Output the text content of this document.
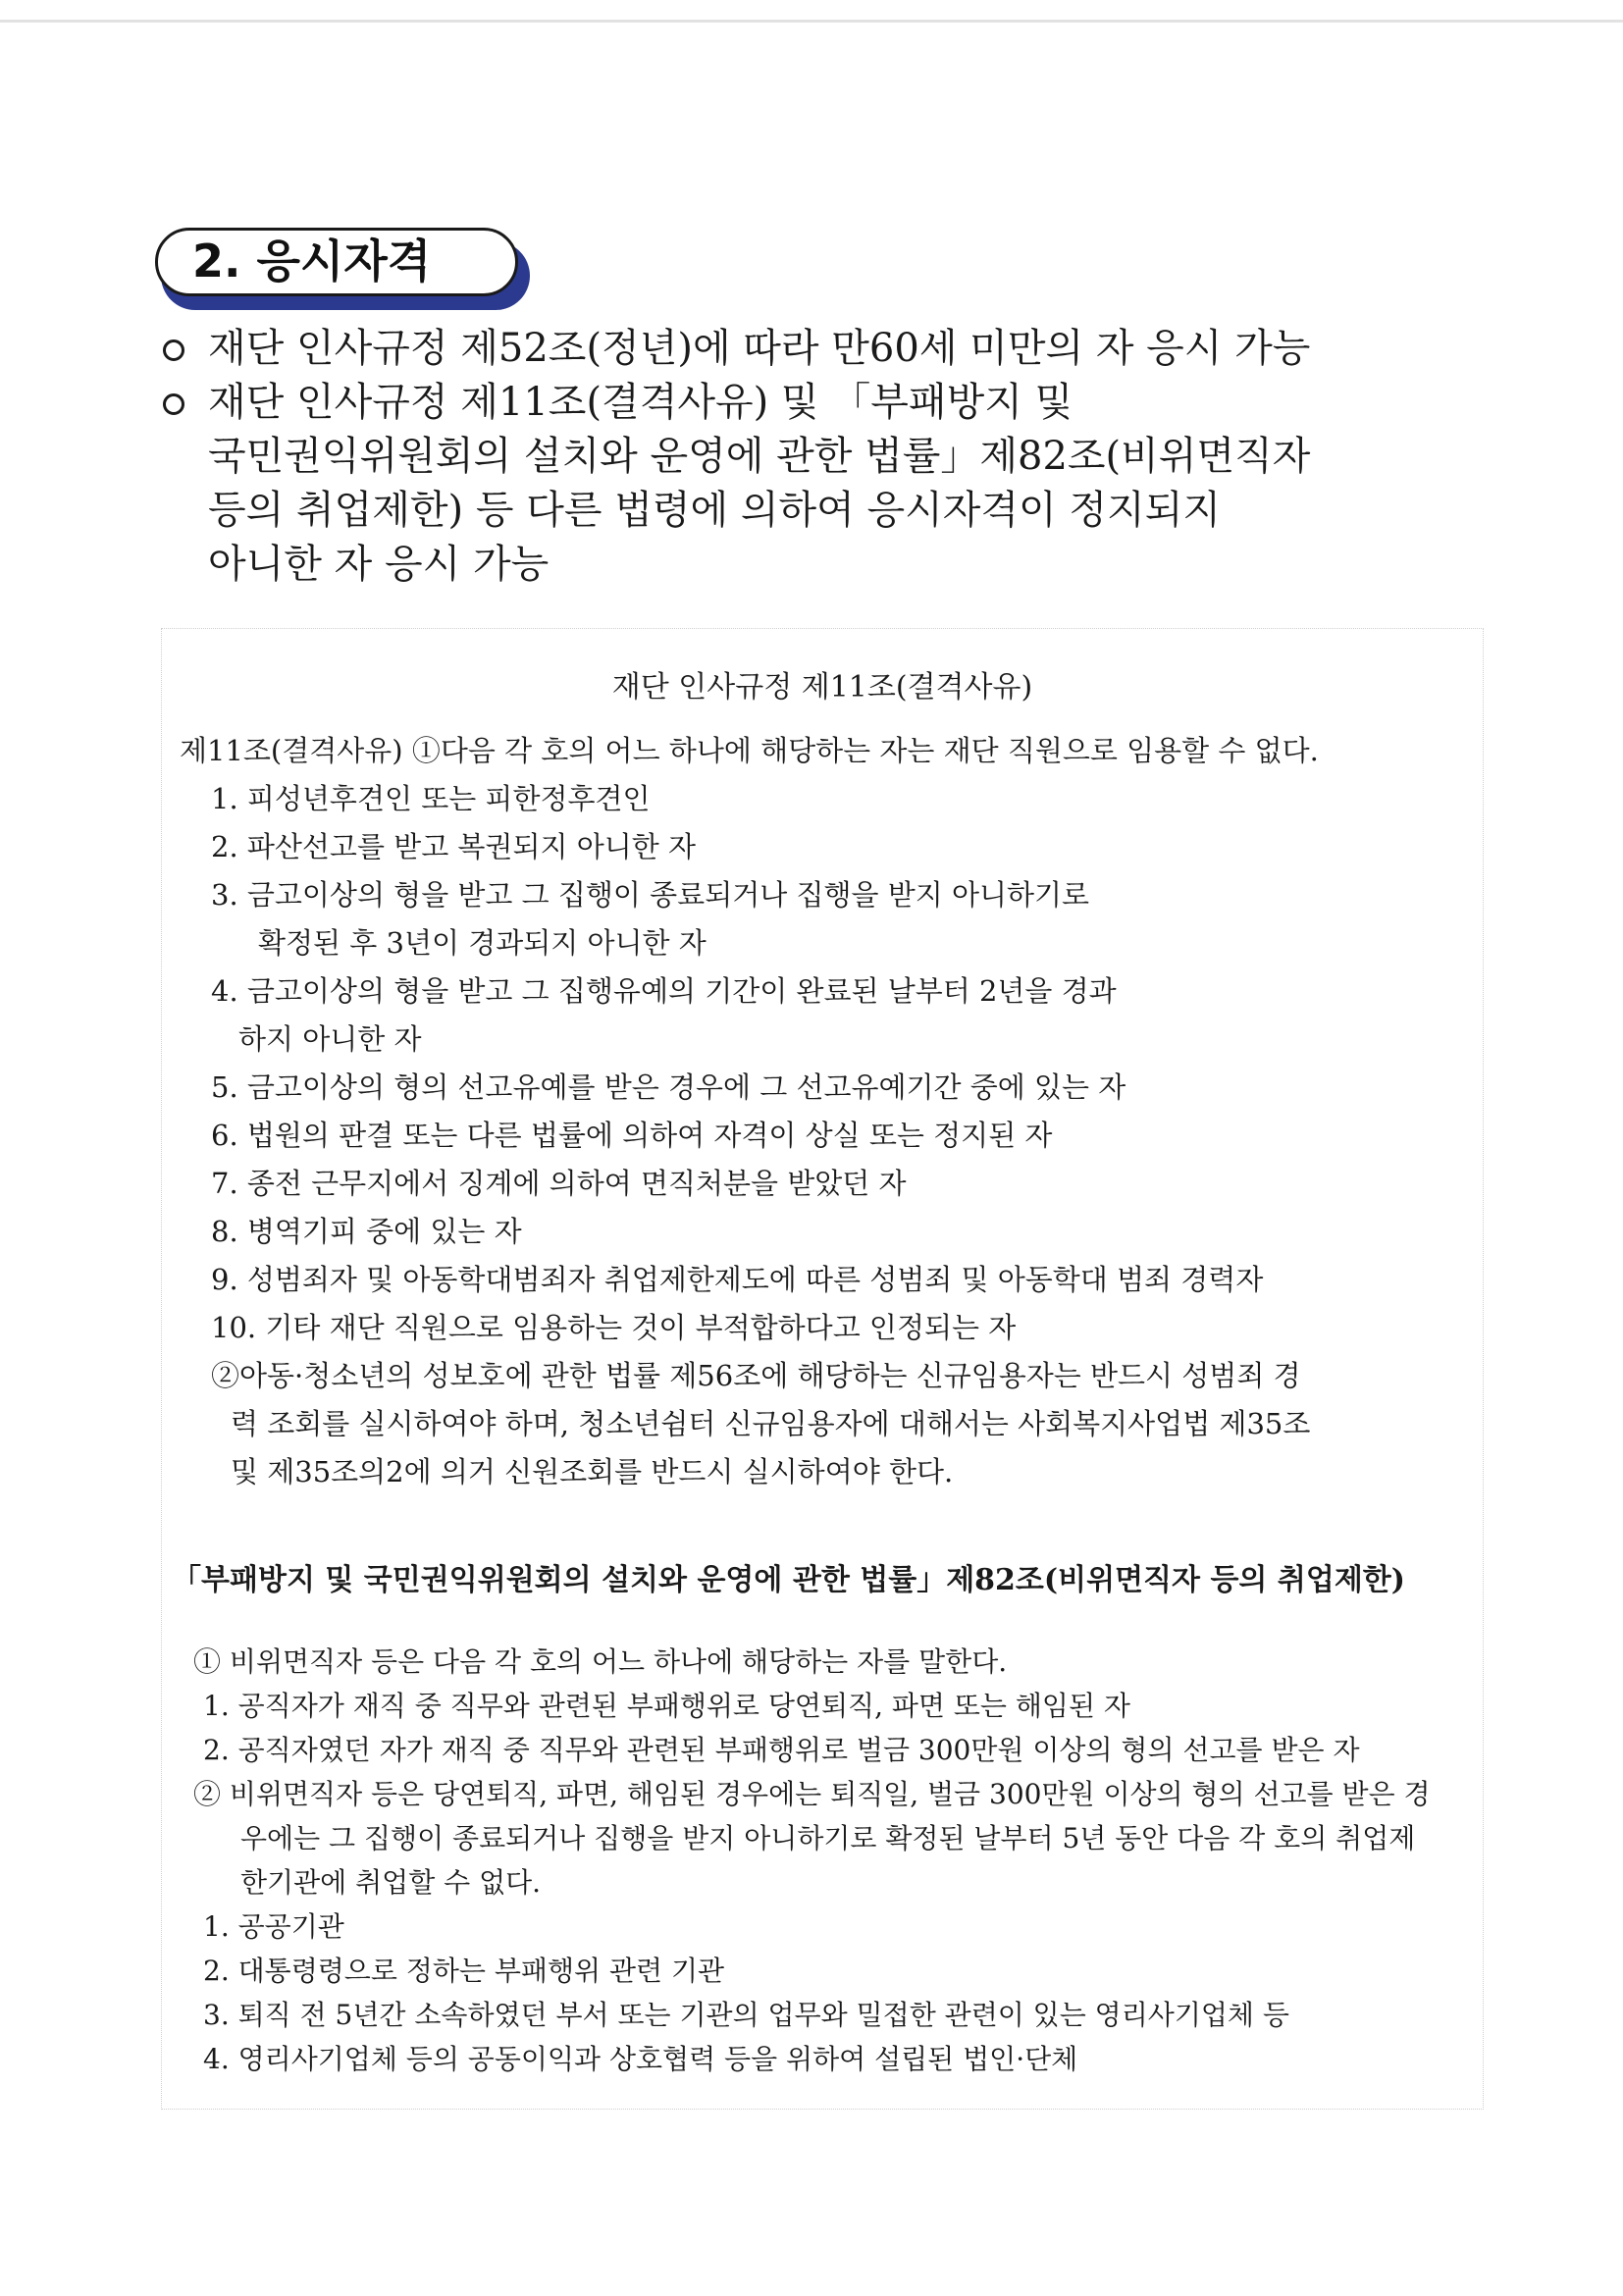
2. 응시자격
재단 인사규정 제52조(정년)에 따라 만60세 미만의 자 응시 가능
재단 인사규정 제11조(결격사유) 및 「부패방지 및
국민권익위원회의 설치와 운영에 관한 법률」제82조(비위면직자
등의 취업제한) 등 다른 법령에 의하여 응시자격이 정지되지
아니한 자 응시 가능
재단 인사규정 제11조(결격사유)
제11조(결격사유) ①다음 각 호의 어느 하나에 해당하는 자는 재단 직원으로 임용할 수 없다.
1. 피성년후견인 또는 피한정후견인
2. 파산선고를 받고 복권되지 아니한 자
3. 금고이상의 형을 받고 그 집행이 종료되거나 집행을 받지 아니하기로
확정된 후 3년이 경과되지 아니한 자
4. 금고이상의 형을 받고 그 집행유예의 기간이 완료된 날부터 2년을 경과
하지 아니한 자
5. 금고이상의 형의 선고유예를 받은 경우에 그 선고유예기간 중에 있는 자
6. 법원의 판결 또는 다른 법률에 의하여 자격이 상실 또는 정지된 자
7. 종전 근무지에서 징계에 의하여 면직처분을 받았던 자
8. 병역기피 중에 있는 자
9. 성범죄자 및 아동학대범죄자 취업제한제도에 따른 성범죄 및 아동학대 범죄 경력자
10. 기타 재단 직원으로 임용하는 것이 부적합하다고 인정되는 자
②아동·청소년의 성보호에 관한 법률 제56조에 해당하는 신규임용자는 반드시 성범죄 경
력 조회를 실시하여야 하며, 청소년쉼터 신규임용자에 대해서는 사회복지사업법 제35조
및 제35조의2에 의거 신원조회를 반드시 실시하여야 한다.
「부패방지 및 국민권익위원회의 설치와 운영에 관한 법률」제82조(비위면직자 등의 취업제한)
① 비위면직자 등은 다음 각 호의 어느 하나에 해당하는 자를 말한다.
1. 공직자가 재직 중 직무와 관련된 부패행위로 당연퇴직, 파면 또는 해임된 자
2. 공직자였던 자가 재직 중 직무와 관련된 부패행위로 벌금 300만원 이상의 형의 선고를 받은 자
② 비위면직자 등은 당연퇴직, 파면, 해임된 경우에는 퇴직일, 벌금 300만원 이상의 형의 선고를 받은 경
우에는 그 집행이 종료되거나 집행을 받지 아니하기로 확정된 날부터 5년 동안 다음 각 호의 취업제
한기관에 취업할 수 없다.
1. 공공기관
2. 대통령령으로 정하는 부패행위 관련 기관
3. 퇴직 전 5년간 소속하였던 부서 또는 기관의 업무와 밀접한 관련이 있는 영리사기업체 등
4. 영리사기업체 등의 공동이익과 상호협력 등을 위하여 설립된 법인·단체
